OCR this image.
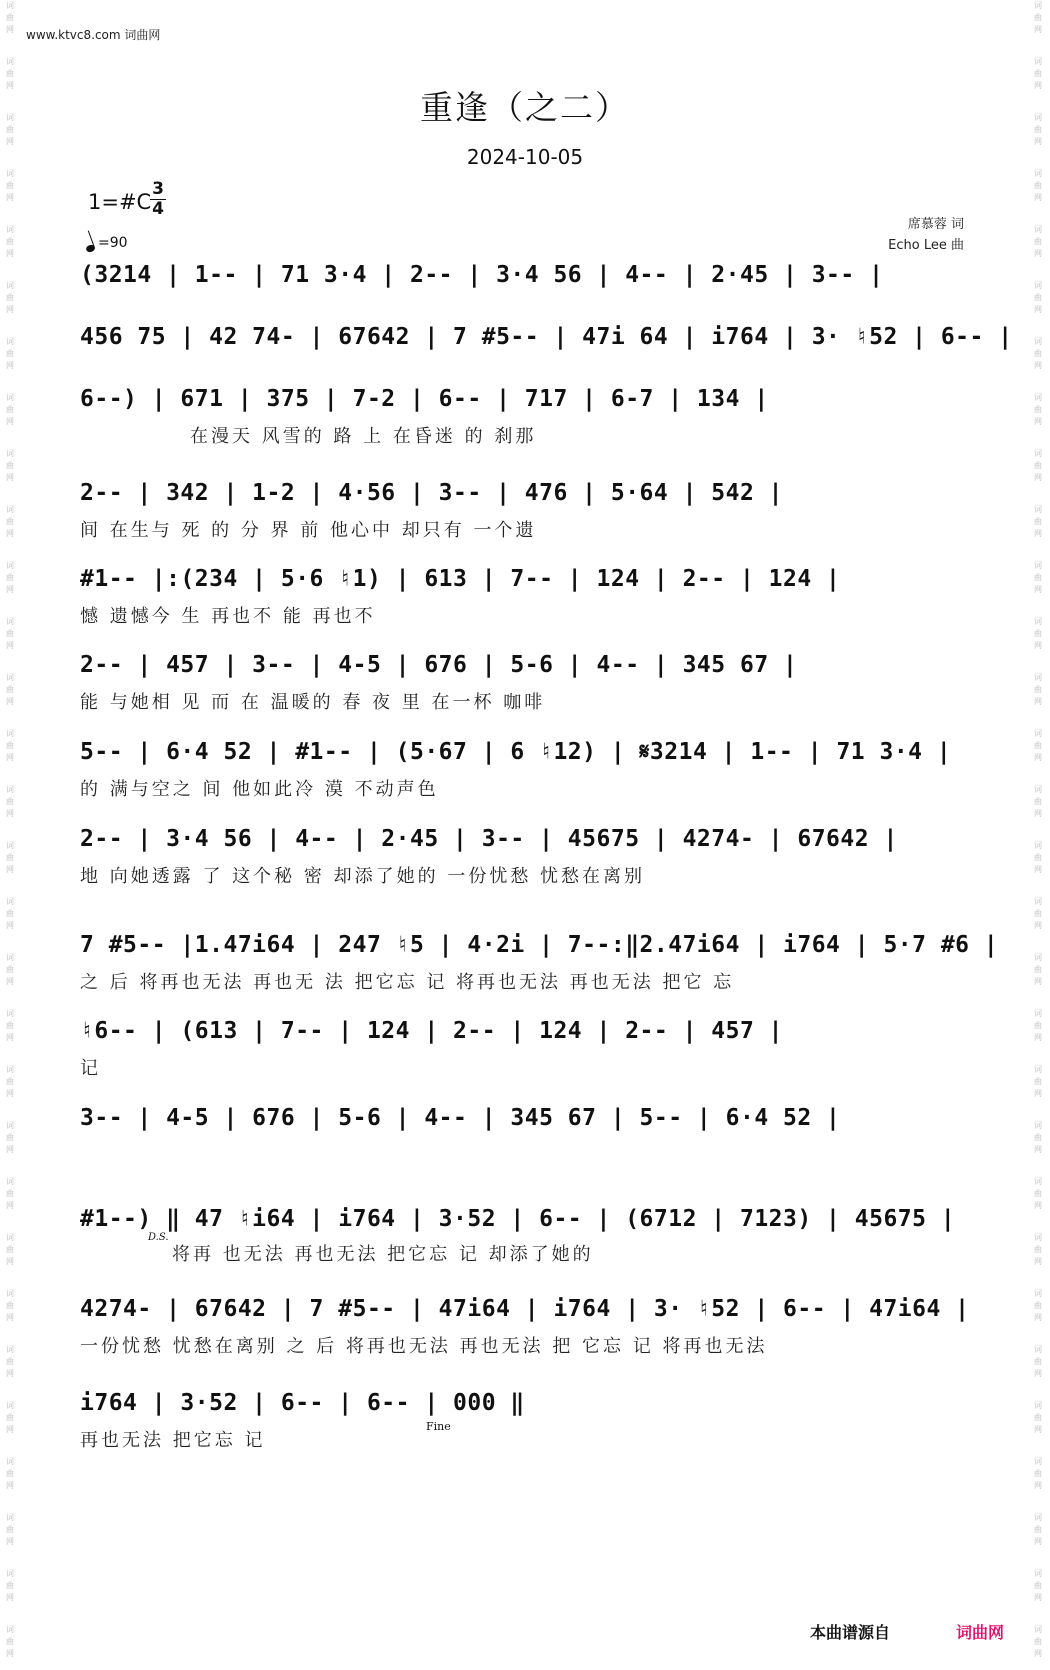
词曲网
词曲网
词曲网
词曲网
词曲网
词曲网
词曲网
词曲网
词曲网
词曲网
词曲网
词曲网
词曲网
词曲网
词曲网
词曲网
词曲网
词曲网
词曲网
词曲网
词曲网
词曲网
词曲网
词曲网
词曲网
词曲网
词曲网
词曲网
词曲网
词曲网
词曲网
词曲网
词曲网
词曲网
词曲网
词曲网
词曲网
词曲网
词曲网
词曲网
词曲网
词曲网
词曲网
词曲网
词曲网
词曲网
词曲网
词曲网
词曲网
词曲网
词曲网
词曲网
词曲网
词曲网
词曲网
词曲网
词曲网
词曲网
词曲网
词曲网
www.ktvc8.com 词曲网
重逢（之二）
2024-10-05
1=#C
3
4
=90
席慕蓉 词
Echo Lee 曲
(3214 | 1-- | 71 3·4 | 2-- | 3·4 56 | 4-- | 2·45 | 3-- |
456 75 | 42 74- | 67642 | 7 #5-- | 47i 64 | i764 | 3· ♮52 | 6-- |
6--) | 671 | 375 | 7-2 | 6-- | 717 | 6-7 | 134 |
在漫天 风雪的 路 上 在昏迷 的 刹那
2-- | 342 | 1-2 | 4·56 | 3-- | 476 | 5·64 | 542 |
间 在生与 死 的 分 界 前 他心中 却只有 一个遗
#1-- |:(234 | 5·6 ♮1) | 613 | 7-- | 124 | 2-- | 124 |
憾 遗憾今 生 再也不 能 再也不
2-- | 457 | 3-- | 4-5 | 676 | 5-6 | 4-- | 345 67 |
能 与她相 见 而 在 温暖的 春 夜 里 在一杯 咖啡
5-- | 6·4 52 | #1-- | (5·67 | 6 ♮12) | 𝄋3214 | 1-- | 71 3·4 |
的 满与空之 间 他如此冷 漠 不动声色
2-- | 3·4 56 | 4-- | 2·45 | 3-- | 45675 | 4274- | 67642 |
地 向她透露 了 这个秘 密 却添了她的 一份忧愁 忧愁在离别
7 #5-- |1.47i64 | 247 ♮5 | 4·2i | 7--:‖2.47i64 | i764 | 5·7 #6 |
之 后 将再也无法 再也无 法 把它忘 记 将再也无法 再也无法 把它 忘
♮6-- | (613 | 7-- | 124 | 2-- | 124 | 2-- | 457 |
记
3-- | 4-5 | 676 | 5-6 | 4-- | 345 67 | 5-- | 6·4 52 |
#1--) ‖ 47 ♮i64 | i764 | 3·52 | 6-- | (6712 | 7123) | 45675 |
将再 也无法 再也无法 把它忘 记 却添了她的
D.S.
4274- | 67642 | 7 #5-- | 47i64 | i764 | 3· ♮52 | 6-- | 47i64 |
一份忧愁 忧愁在离别 之 后 将再也无法 再也无法 把 它忘 记 将再也无法
i764 | 3·52 | 6-- | 6-- | 000 ‖
再也无法 把它忘 记
Fine
本曲谱源自	词曲网
